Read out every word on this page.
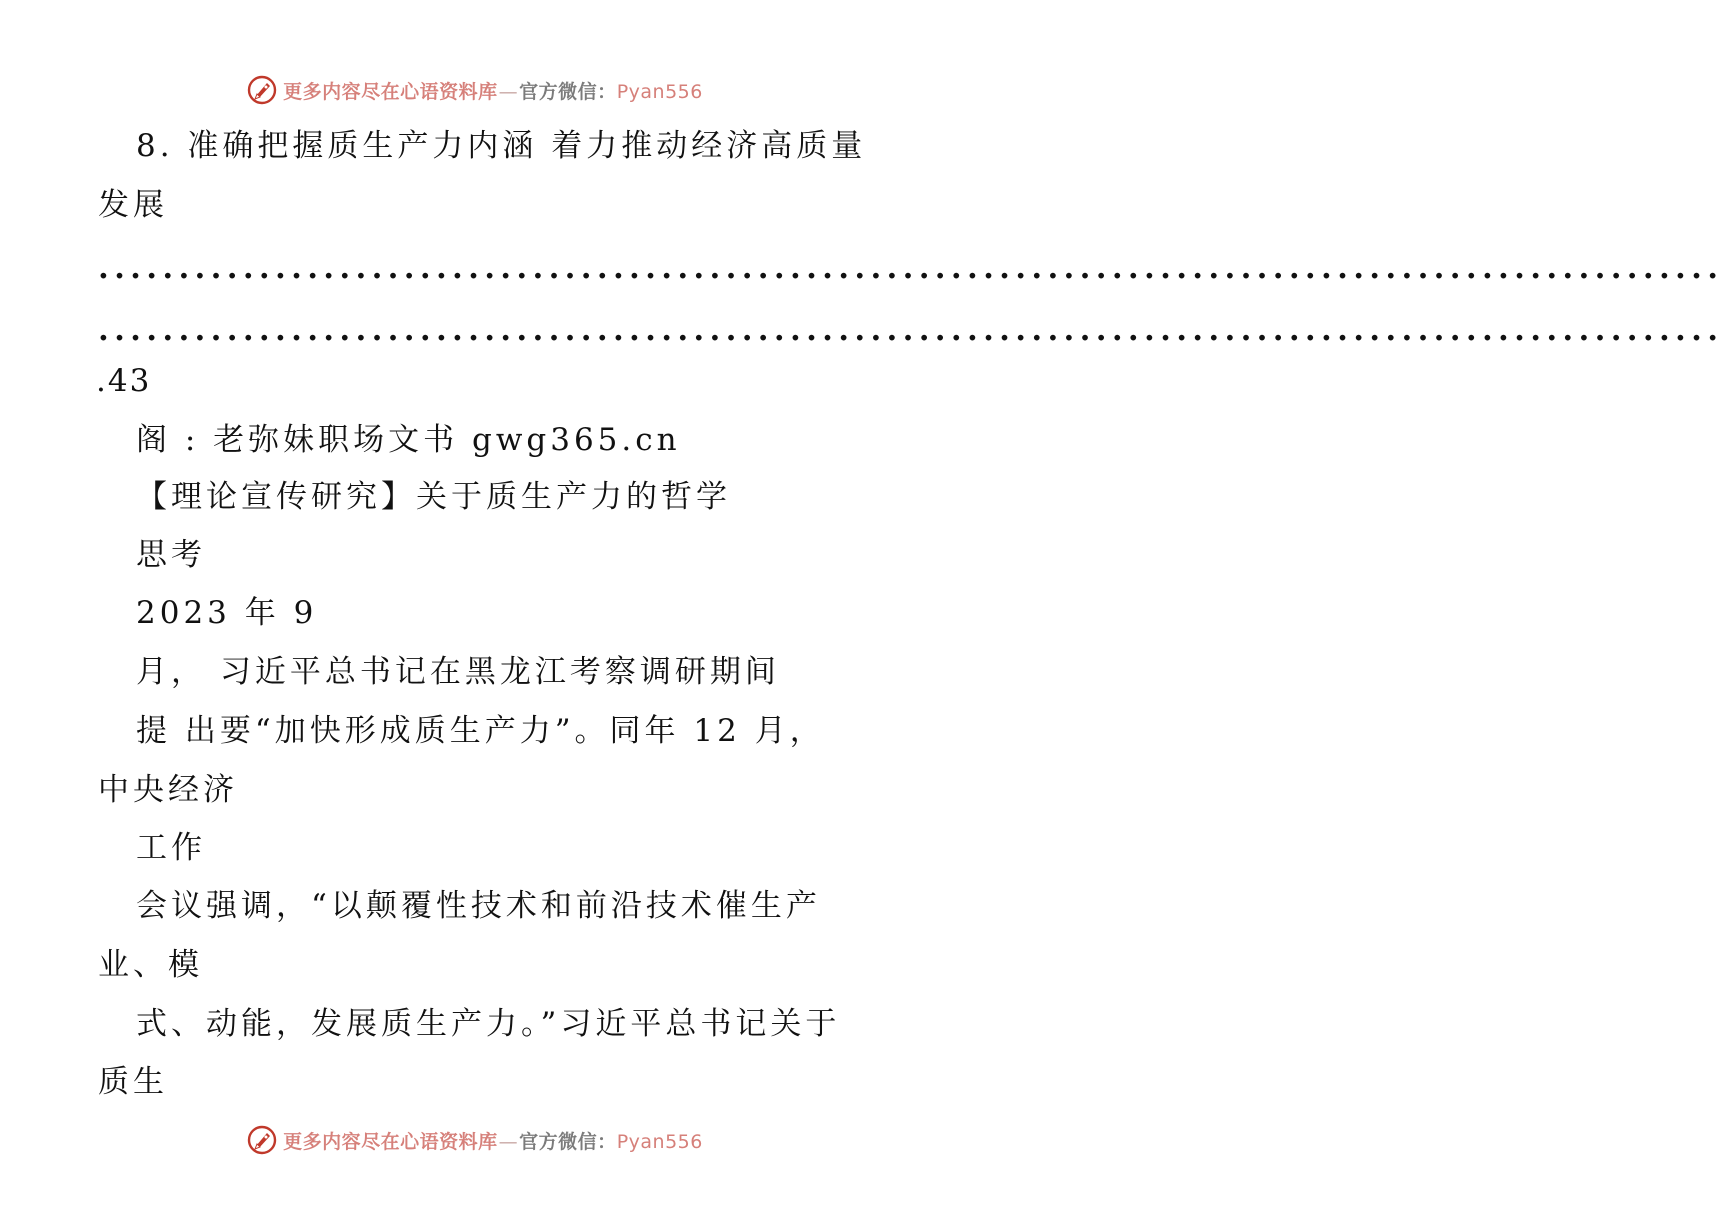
更多内容尽在心语资料库—官方微信：Pyan556
8. 准确把握质生产力内涵 着力推动经济高质量
发展
.....................................................................................................
.....................................................................................................
.43
阁 : 老弥妹职场文书 gwg365.cn
【理论宣传研究】关于质生产力的哲学
思考
2023 年 9
月， 习近平总书记在黑龙江考察调研期间
提 出要“加快形成质生产力”。同年 12 月，
中央经济
工作
会议强调，“以颠覆性技术和前沿技术催生产
业、模
式、动能，发展质生产力。”习近平总书记关于
质生
更多内容尽在心语资料库—官方微信：Pyan556
